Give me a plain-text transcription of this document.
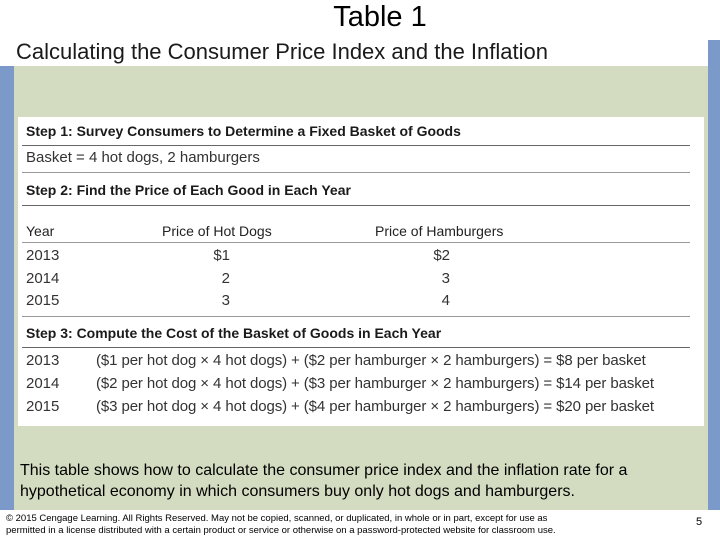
Table 1
Calculating the Consumer Price Index and the Inflation
Step 1: Survey Consumers to Determine a Fixed Basket of Goods
Basket = 4 hot dogs, 2 hamburgers
Step 2: Find the Price of Each Good in Each Year
Year	Price of Hot Dogs	Price of Hamburgers
2013	$1	$2
2014	2	3
2015	3	4
Step 3: Compute the Cost of the Basket of Goods in Each Year
2013 ($1 per hot dog × 4 hot dogs) + ($2 per hamburger × 2 hamburgers) = $8 per basket
2014 ($2 per hot dog × 4 hot dogs) + ($3 per hamburger × 2 hamburgers) = $14 per basket
2015 ($3 per hot dog × 4 hot dogs) + ($4 per hamburger × 2 hamburgers) = $20 per basket
This table shows how to calculate the consumer price index and the inflation rate for a
hypothetical economy in which consumers buy only hot dogs and hamburgers.
© 2015 Cengage Learning. All Rights Reserved. May not be copied, scanned, or duplicated, in whole or in part, except for use as
permitted in a license distributed with a certain product or service or otherwise on a password-protected website for classroom use.
5
